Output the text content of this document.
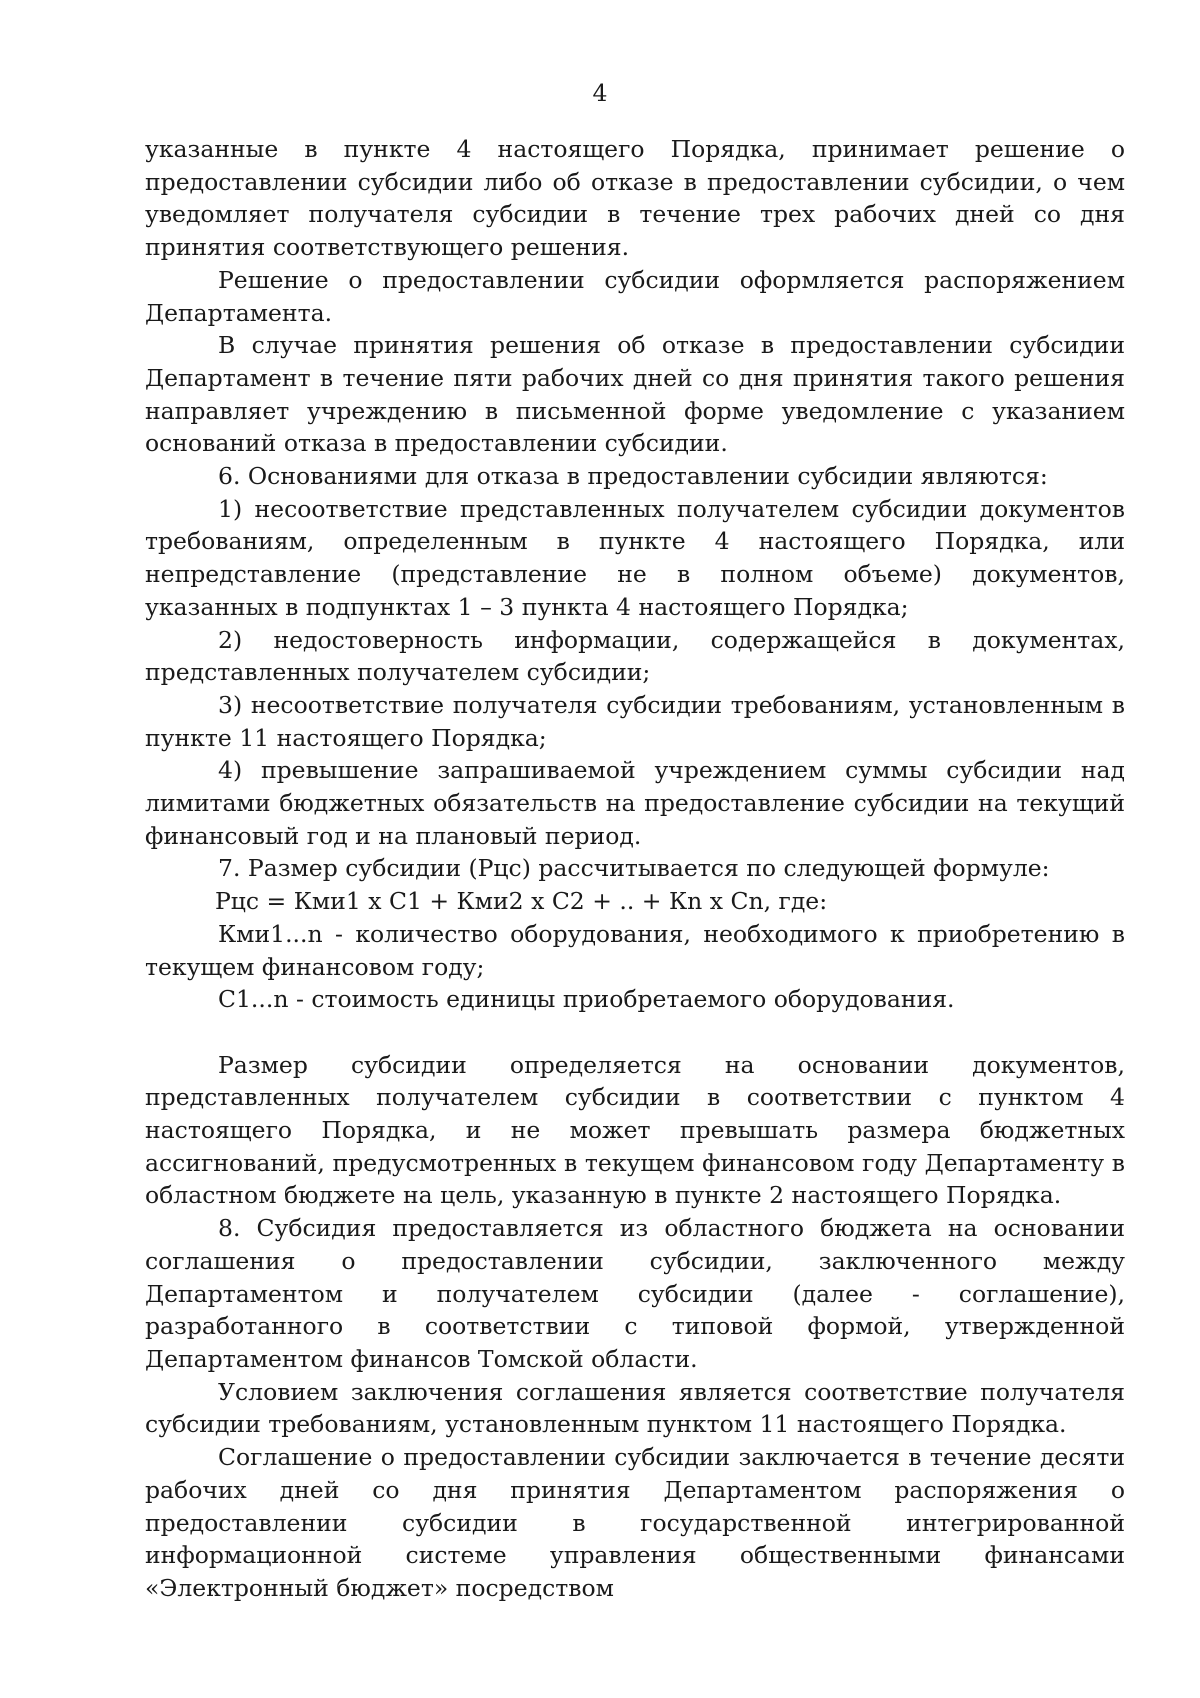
4

указанные в пункте 4 настоящего Порядка, принимает решение о предоставлении субсидии либо об отказе в предоставлении субсидии, о чем уведомляет получателя субсидии в течение трех рабочих дней со дня принятия соответствующего решения.

Решение о предоставлении субсидии оформляется распоряжением Департамента.

В случае принятия решения об отказе в предоставлении субсидии Департамент в течение пяти рабочих дней со дня принятия такого решения направляет учреждению в письменной форме уведомление с указанием оснований отказа в предоставлении субсидии.

6. Основаниями для отказа в предоставлении субсидии являются:

1) несоответствие представленных получателем субсидии документов требованиям, определенным в пункте 4 настоящего Порядка, или непредставление (представление не в полном объеме) документов, указанных в подпунктах 1 – 3 пункта 4 настоящего Порядка;

2) недостоверность информации, содержащейся в документах, представленных получателем субсидии;

3) несоответствие получателя субсидии требованиям, установленным в пункте 11 настоящего Порядка;

4) превышение запрашиваемой учреждением суммы субсидии над лимитами бюджетных обязательств на предоставление субсидии на текущий финансовый год и на плановый период.

7. Размер субсидии (Рцс) рассчитывается по следующей формуле:

Рцс = Кми1 х С1 + Кми2 х С2 + .. + Кn х Сn, где:

Кми1...n - количество оборудования, необходимого к приобретению в текущем финансовом году;

С1...n - стоимость единицы приобретаемого оборудования.

Размер субсидии определяется на основании документов, представленных получателем субсидии в соответствии с пунктом 4 настоящего Порядка, и не может превышать размера бюджетных ассигнований, предусмотренных в текущем финансовом году Департаменту в областном бюджете на цель, указанную в пункте 2 настоящего Порядка.

8. Субсидия предоставляется из областного бюджета на основании соглашения о предоставлении субсидии, заключенного между Департаментом и получателем субсидии (далее - соглашение), разработанного в соответствии с типовой формой, утвержденной Департаментом финансов Томской области.

Условием заключения соглашения является соответствие получателя субсидии требованиям, установленным пунктом 11 настоящего Порядка.

Соглашение о предоставлении субсидии заключается в течение десяти рабочих дней со дня принятия Департаментом распоряжения о предоставлении субсидии в государственной интегрированной информационной системе управления общественными финансами «Электронный бюджет» посредством
